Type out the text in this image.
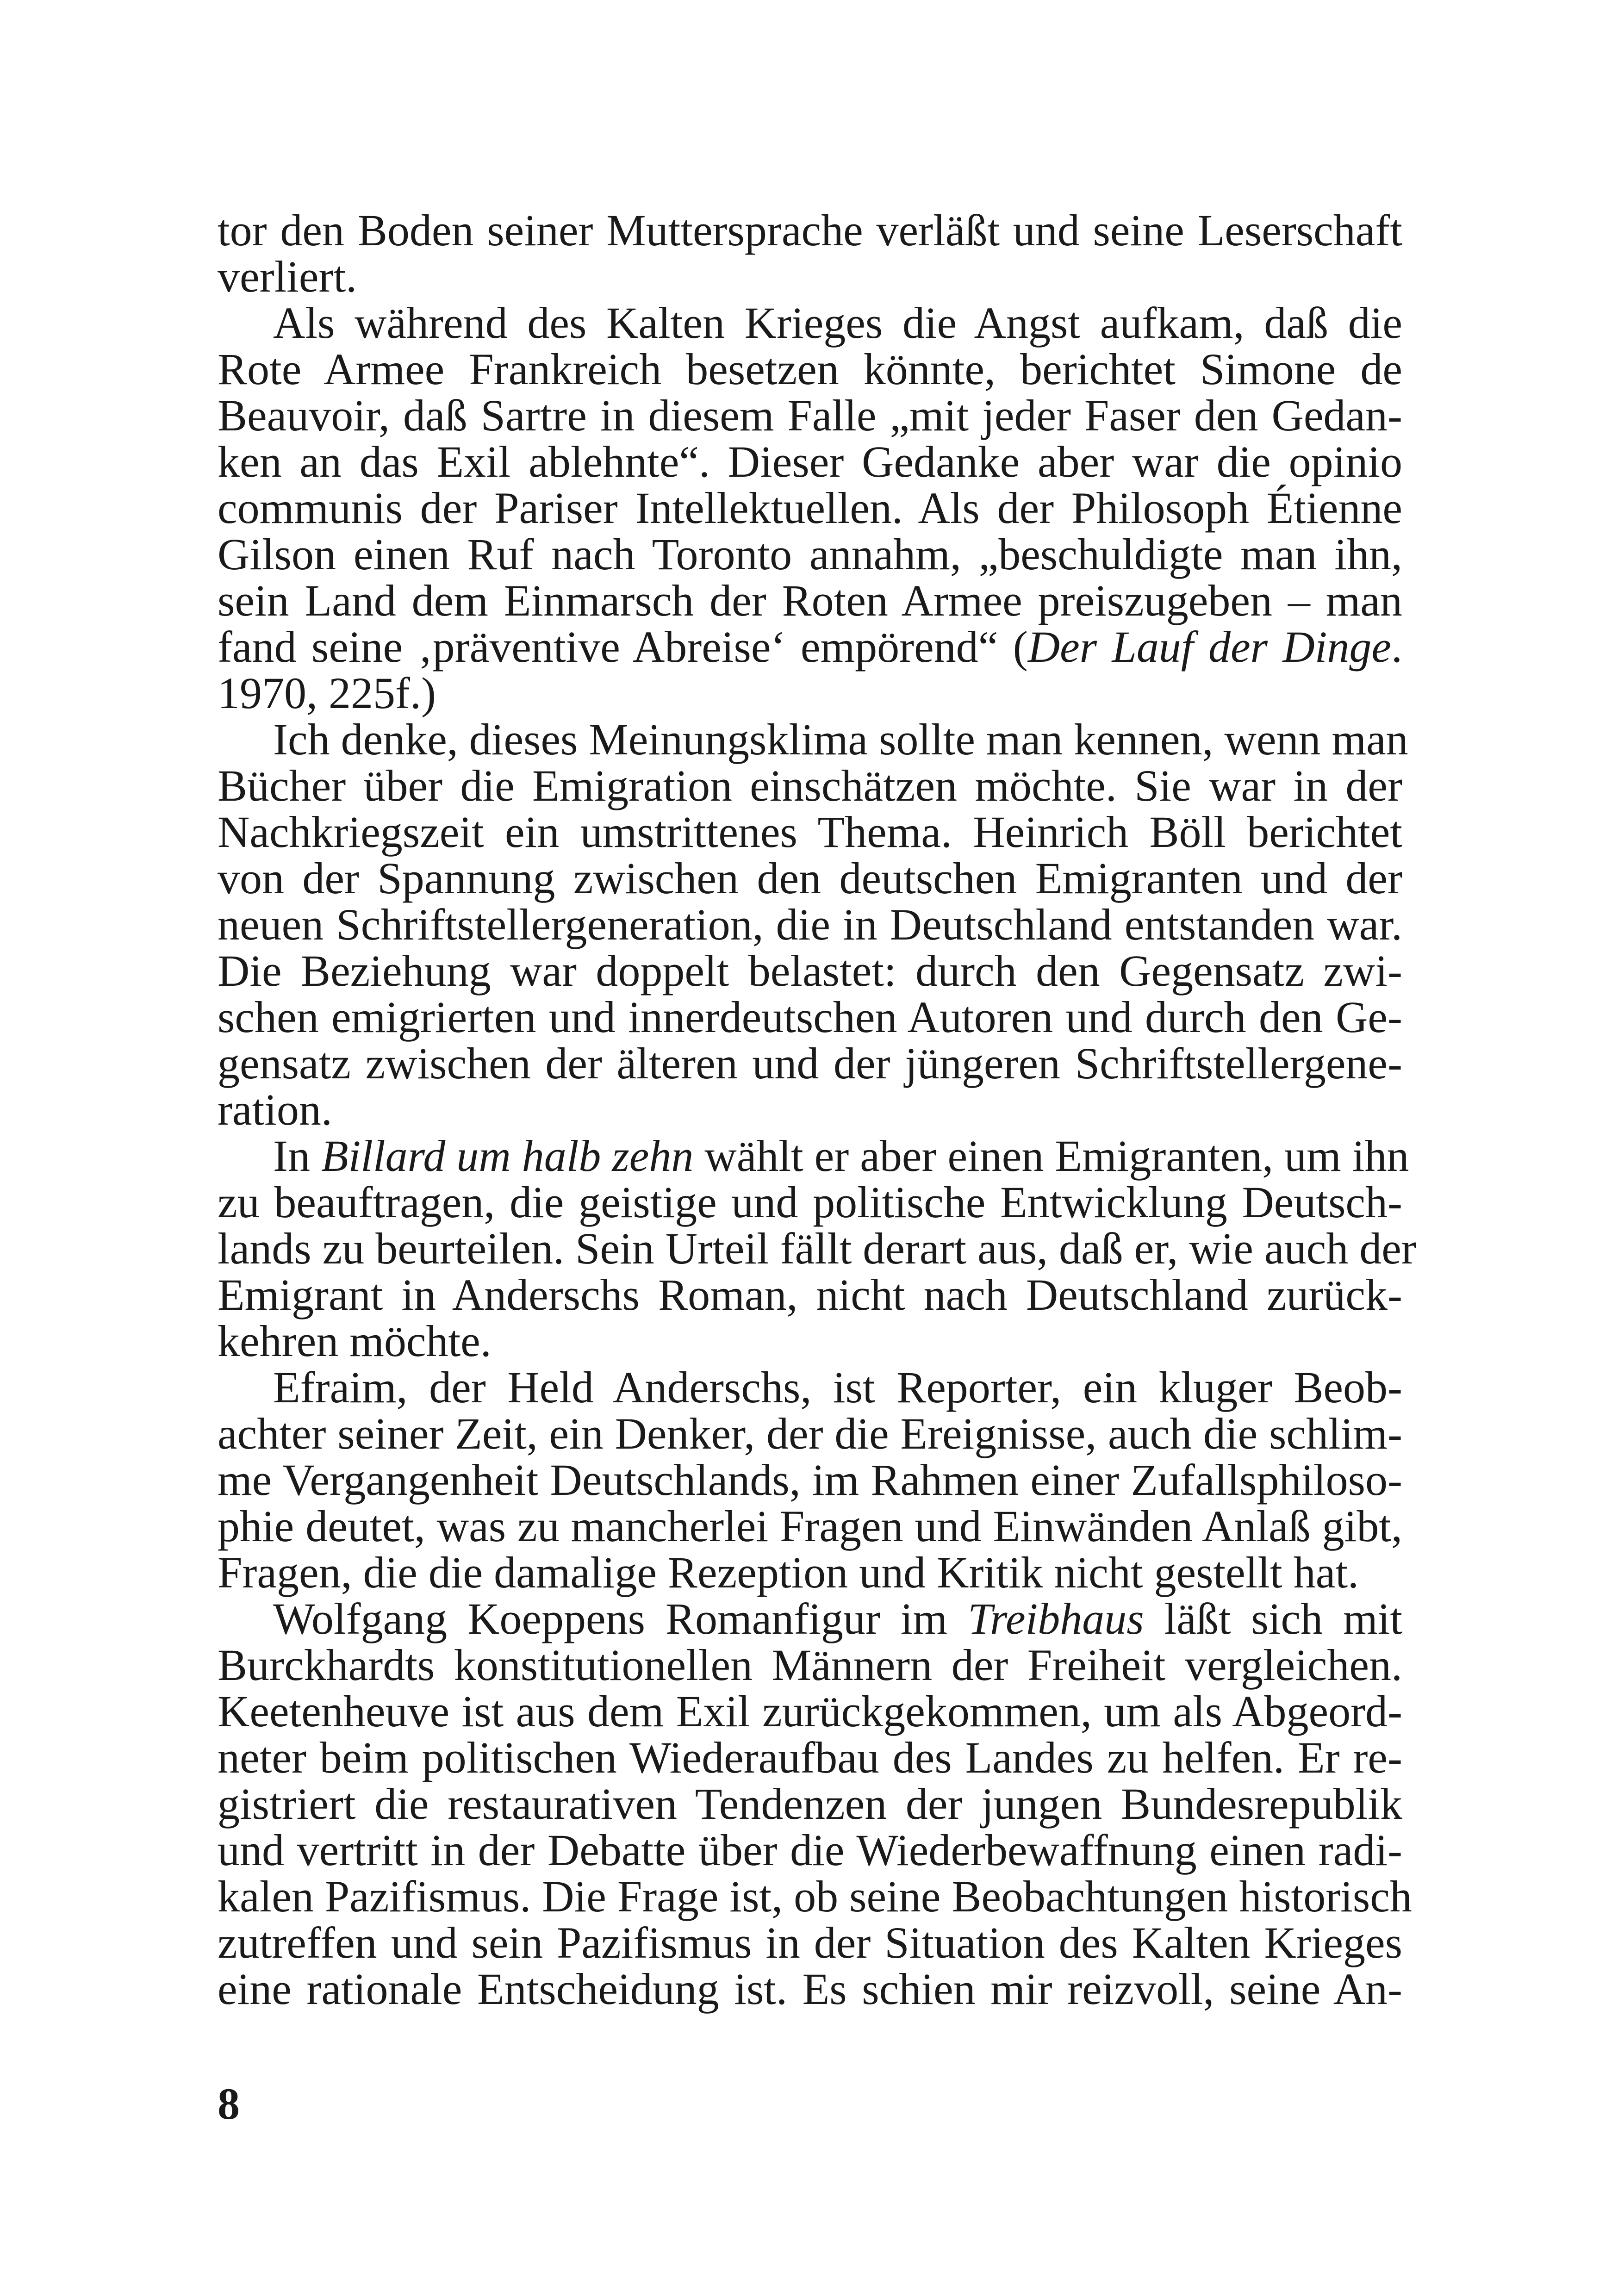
tor den Boden seiner Muttersprache verläßt und seine Leserschaft
verliert.
Als während des Kalten Krieges die Angst aufkam, daß die
Rote Armee Frankreich besetzen könnte, berichtet Simone de
Beauvoir, daß Sartre in diesem Falle „mit jeder Faser den Gedan-
ken an das Exil ablehnte“. Dieser Gedanke aber war die opinio
communis der Pariser Intellektuellen. Als der Philosoph Étienne
Gilson einen Ruf nach Toronto annahm, „beschuldigte man ihn,
sein Land dem Einmarsch der Roten Armee preiszugeben – man
fand seine ‚präventive Abreise‘ empörend“ (Der Lauf der Dinge.
1970, 225f.)
Ich denke, dieses Meinungsklima sollte man kennen, wenn man
Bücher über die Emigration einschätzen möchte. Sie war in der
Nachkriegszeit ein umstrittenes Thema. Heinrich Böll berichtet
von der Spannung zwischen den deutschen Emigranten und der
neuen Schriftstellergeneration, die in Deutschland entstanden war.
Die Beziehung war doppelt belastet: durch den Gegensatz zwi-
schen emigrierten und innerdeutschen Autoren und durch den Ge-
gensatz zwischen der älteren und der jüngeren Schriftstellergene-
ration.
In Billard um halb zehn wählt er aber einen Emigranten, um ihn
zu beauftragen, die geistige und politische Entwicklung Deutsch-
lands zu beurteilen. Sein Urteil fällt derart aus, daß er, wie auch der
Emigrant in Anderschs Roman, nicht nach Deutschland zurück-
kehren möchte.
Efraim, der Held Anderschs, ist Reporter, ein kluger Beob-
achter seiner Zeit, ein Denker, der die Ereignisse, auch die schlim-
me Vergangenheit Deutschlands, im Rahmen einer Zufallsphiloso-
phie deutet, was zu mancherlei Fragen und Einwänden Anlaß gibt,
Fragen, die die damalige Rezeption und Kritik nicht gestellt hat.
Wolfgang Koeppens Romanfigur im Treibhaus läßt sich mit
Burckhardts konstitutionellen Männern der Freiheit vergleichen.
Keetenheuve ist aus dem Exil zurückgekommen, um als Abgeord-
neter beim politischen Wiederaufbau des Landes zu helfen. Er re-
gistriert die restaurativen Tendenzen der jungen Bundesrepublik
und vertritt in der Debatte über die Wiederbewaffnung einen radi-
kalen Pazifismus. Die Frage ist, ob seine Beobachtungen historisch
zutreffen und sein Pazifismus in der Situation des Kalten Krieges
eine rationale Entscheidung ist. Es schien mir reizvoll, seine An-
8
